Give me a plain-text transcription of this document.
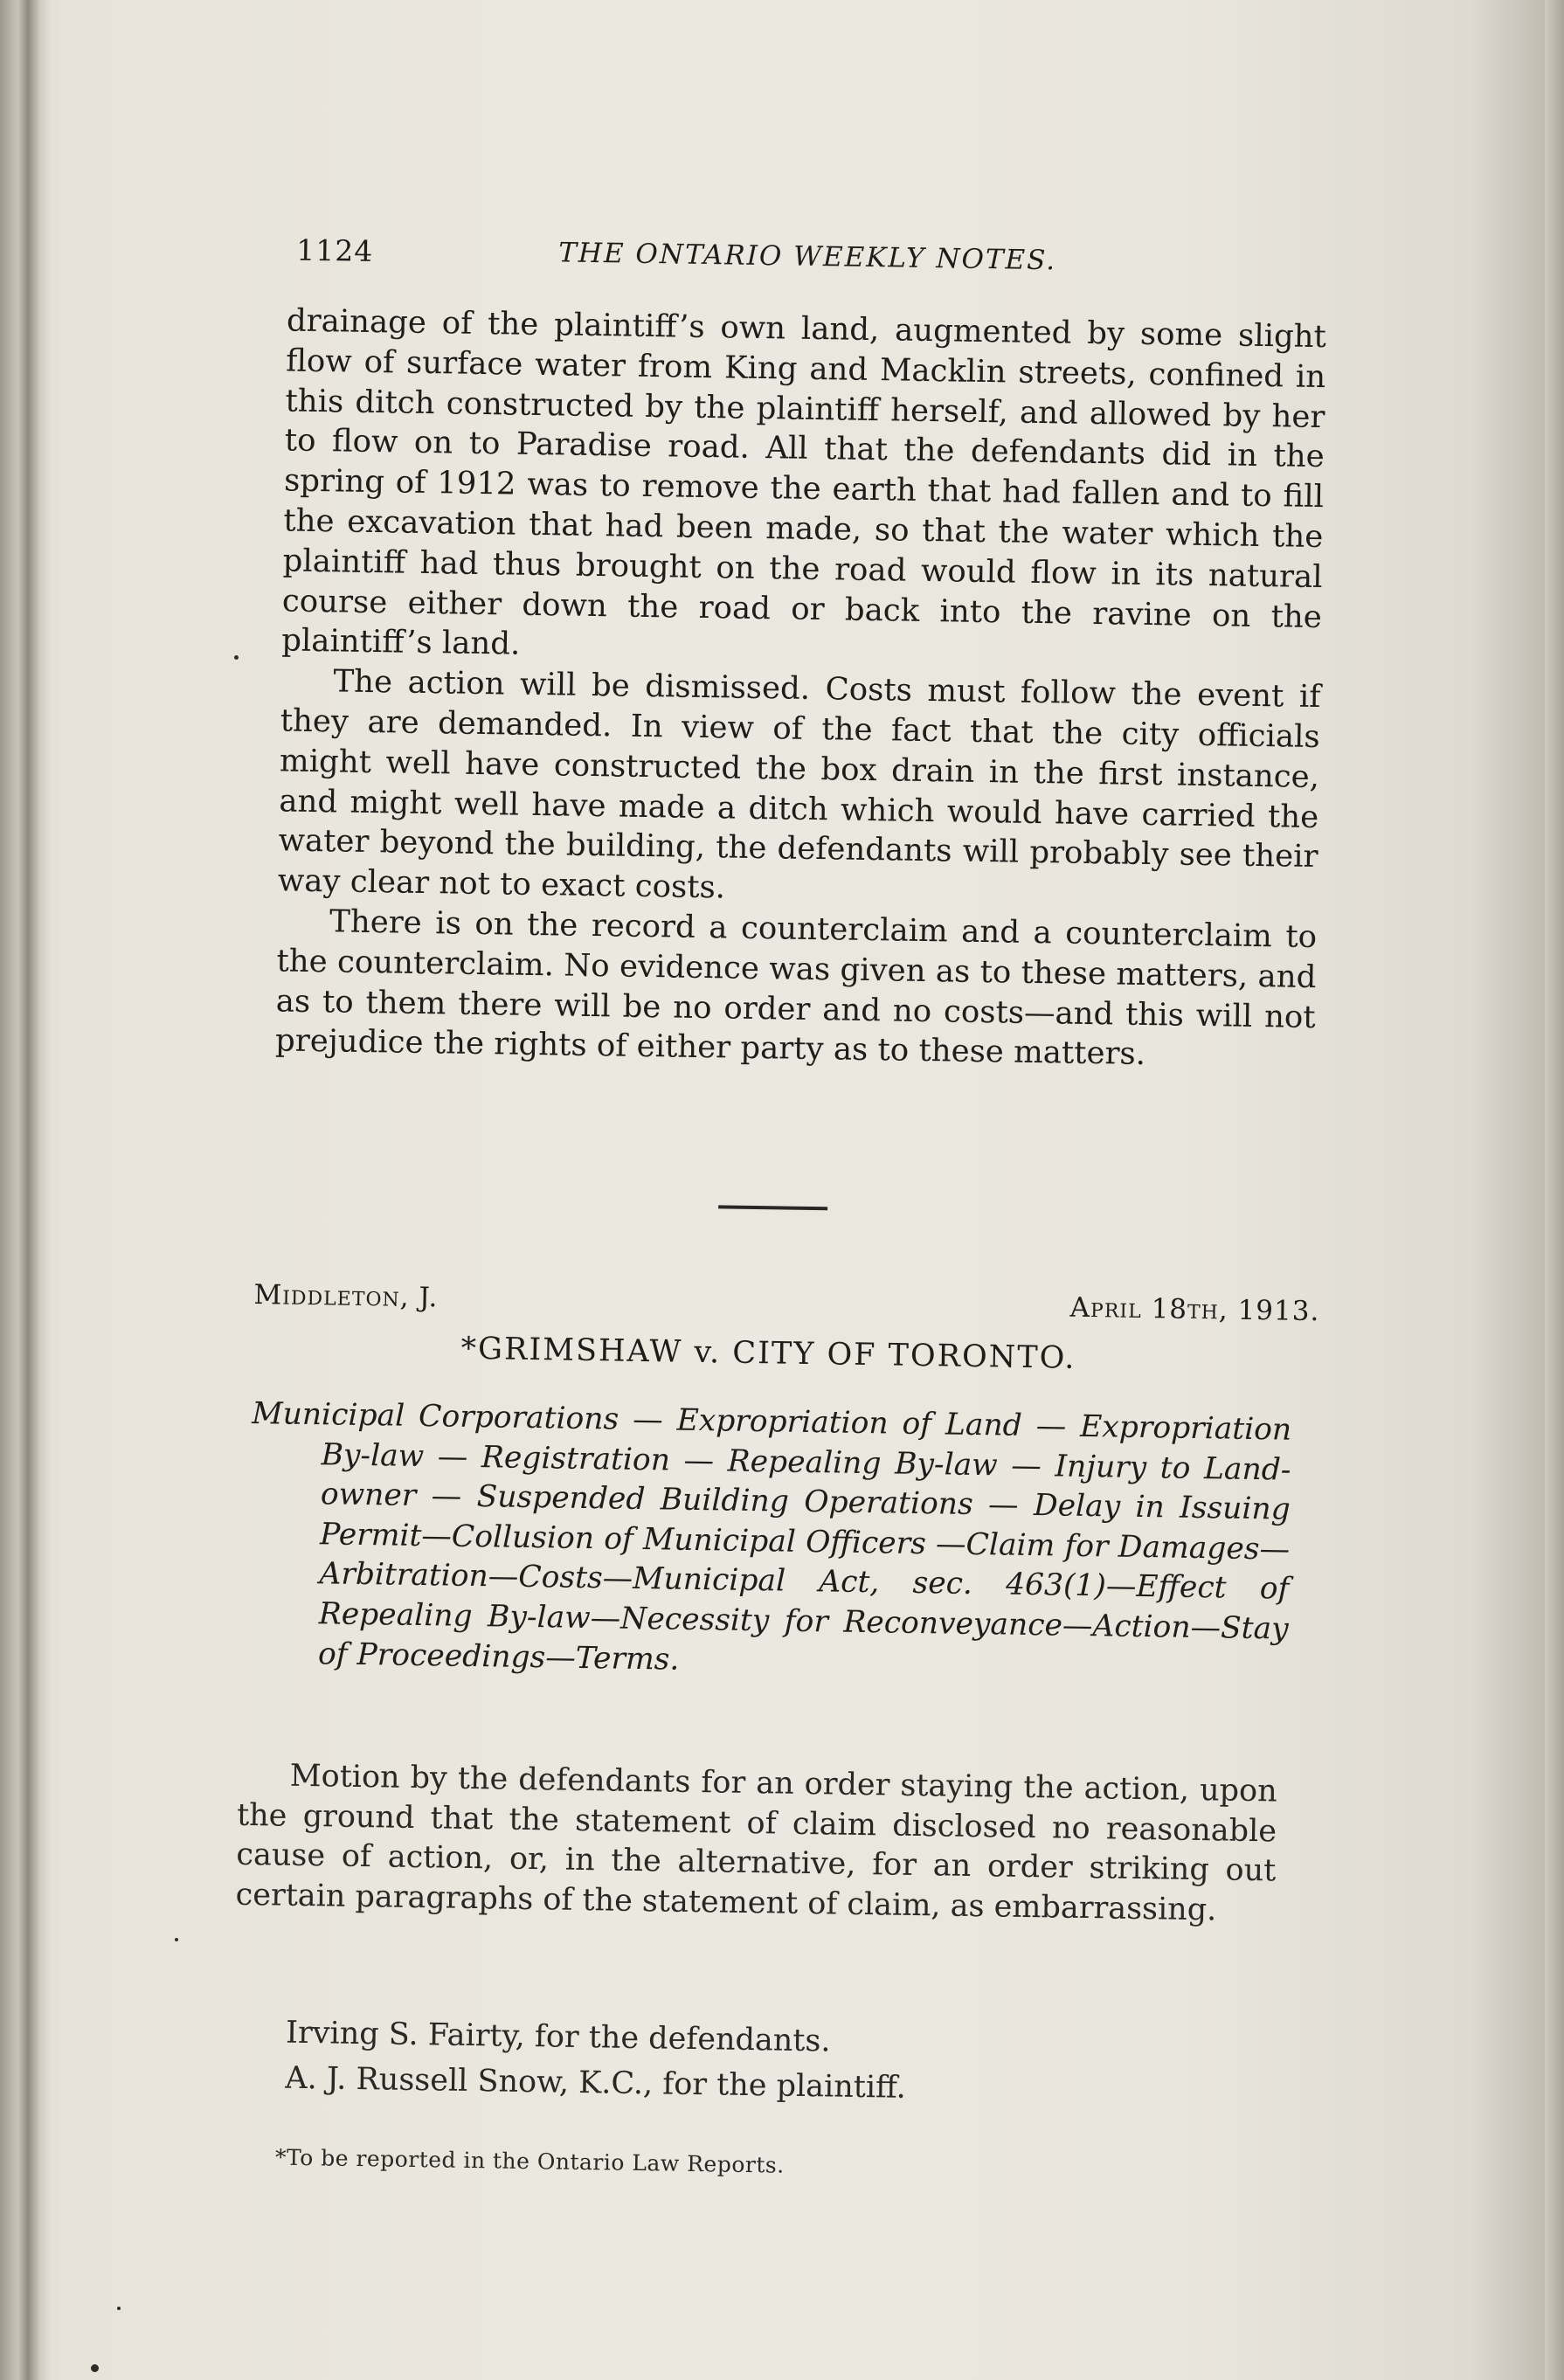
1124	THE ONTARIO WEEKLY NOTES.

drainage of the plaintiff’s own land, augmented by some slight flow of surface water from King and Macklin streets, confined in this ditch constructed by the plaintiff herself, and allowed by her to flow on to Paradise road. All that the defendants did in the spring of 1912 was to remove the earth that had fallen and to fill the excavation that had been made, so that the water which the plaintiff had thus brought on the road would flow in its natural course either down the road or back into the ravine on the plaintiff’s land.

The action will be dismissed. Costs must follow the event if they are demanded. In view of the fact that the city officials might well have constructed the box drain in the first instance, and might well have made a ditch which would have carried the water beyond the building, the defendants will probably see their way clear not to exact costs.

There is on the record a counterclaim and a counterclaim to the counterclaim. No evidence was given as to these matters, and as to them there will be no order and no costs—and this will not prejudice the rights of either party as to these matters.

Middleton, J.	April 18th, 1913.
*GRIMSHAW v. CITY OF TORONTO.

Municipal Corporations — Expropriation of Land — Expropriation By-law — Registration — Repealing By-law — Injury to Land-owner — Suspended Building Operations — Delay in Issuing Permit—Collusion of Municipal Officers —Claim for Damages—Arbitration—Costs—Municipal Act, sec. 463(1)—Effect of Repealing By-law—Necessity for Reconveyance—Action—Stay of Proceedings—Terms.

Motion by the defendants for an order staying the action, upon the ground that the statement of claim disclosed no reasonable cause of action, or, in the alternative, for an order striking out certain paragraphs of the statement of claim, as embarrassing.

Irving S. Fairty, for the defendants.

A. J. Russell Snow, K.C., for the plaintiff.

*To be reported in the Ontario Law Reports.
